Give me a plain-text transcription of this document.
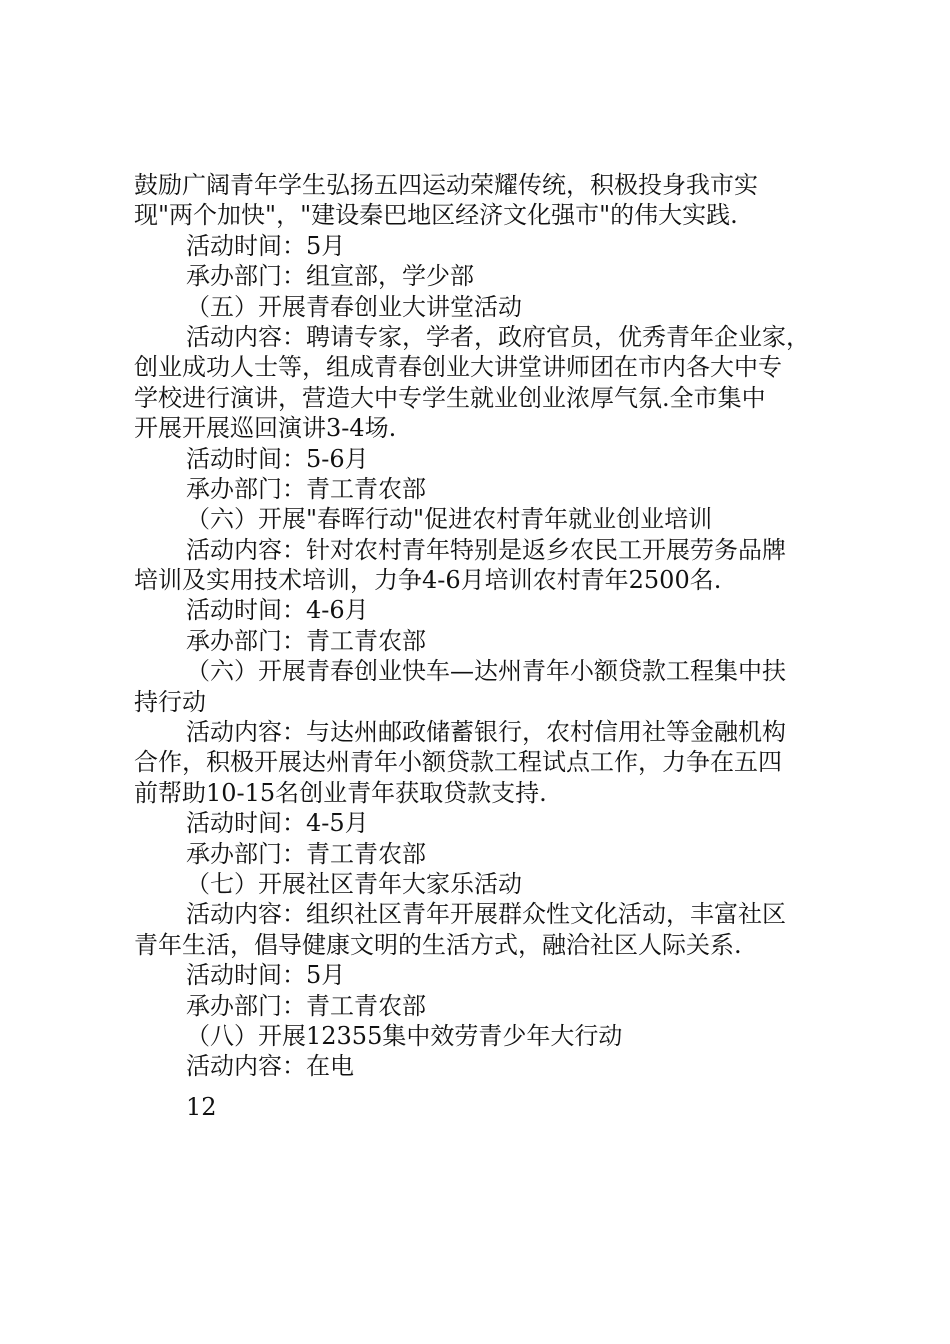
鼓励广阔青年学生弘扬五四运动荣耀传统，积极投身我市实
现"两个加快"，"建设秦巴地区经济文化强市"的伟大实践.
活动时间：5月
承办部门：组宣部，学少部
（五）开展青春创业大讲堂活动
活动内容：聘请专家，学者，政府官员，优秀青年企业家，
创业成功人士等，组成青春创业大讲堂讲师团在市内各大中专
学校进行演讲，营造大中专学生就业创业浓厚气氛.全市集中
开展开展巡回演讲3-4场.
活动时间：5-6月
承办部门：青工青农部
（六）开展"春晖行动"促进农村青年就业创业培训
活动内容：针对农村青年特别是返乡农民工开展劳务品牌
培训及实用技术培训，力争4-6月培训农村青年2500名.
活动时间：4-6月
承办部门：青工青农部
（六）开展青春创业快车—达州青年小额贷款工程集中扶
持行动
活动内容：与达州邮政储蓄银行，农村信用社等金融机构
合作，积极开展达州青年小额贷款工程试点工作，力争在五四
前帮助10-15名创业青年获取贷款支持.
活动时间：4-5月
承办部门：青工青农部
（七）开展社区青年大家乐活动
活动内容：组织社区青年开展群众性文化活动，丰富社区
青年生活，倡导健康文明的生活方式，融洽社区人际关系.
活动时间：5月
承办部门：青工青农部
（八）开展12355集中效劳青少年大行动
活动内容：在电
12
